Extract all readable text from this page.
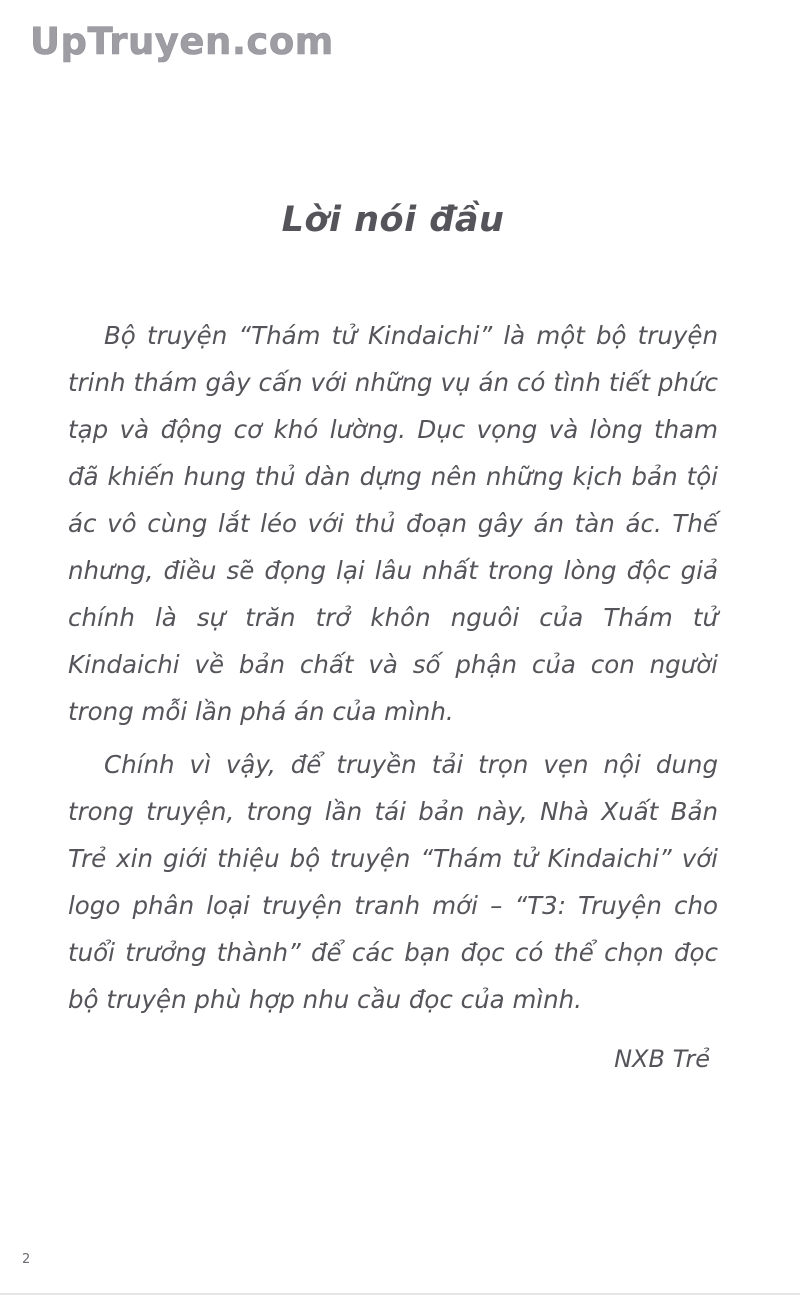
UpTruyen.com
Lời nói đầu

Bộ truyện “Thám tử Kindaichi” là một bộ truyện trinh thám gây cấn với những vụ án có tình tiết phức tạp và động cơ khó lường. Dục vọng và lòng tham đã khiến hung thủ dàn dựng nên những kịch bản tội ác vô cùng lắt léo với thủ đoạn gây án tàn ác. Thế nhưng, điều sẽ đọng lại lâu nhất trong lòng độc giả chính là sự trăn trở khôn nguôi của Thám tử Kindaichi về bản chất và số phận của con người trong mỗi lần phá án của mình.

Chính vì vậy, để truyền tải trọn vẹn nội dung trong truyện, trong lần tái bản này, Nhà Xuất Bản Trẻ xin giới thiệu bộ truyện “Thám tử Kindaichi” với logo phân loại truyện tranh mới – “T3: Truyện cho tuổi trưởng thành” để các bạn đọc có thể chọn đọc bộ truyện phù hợp nhu cầu đọc của mình.

NXB Trẻ
2
